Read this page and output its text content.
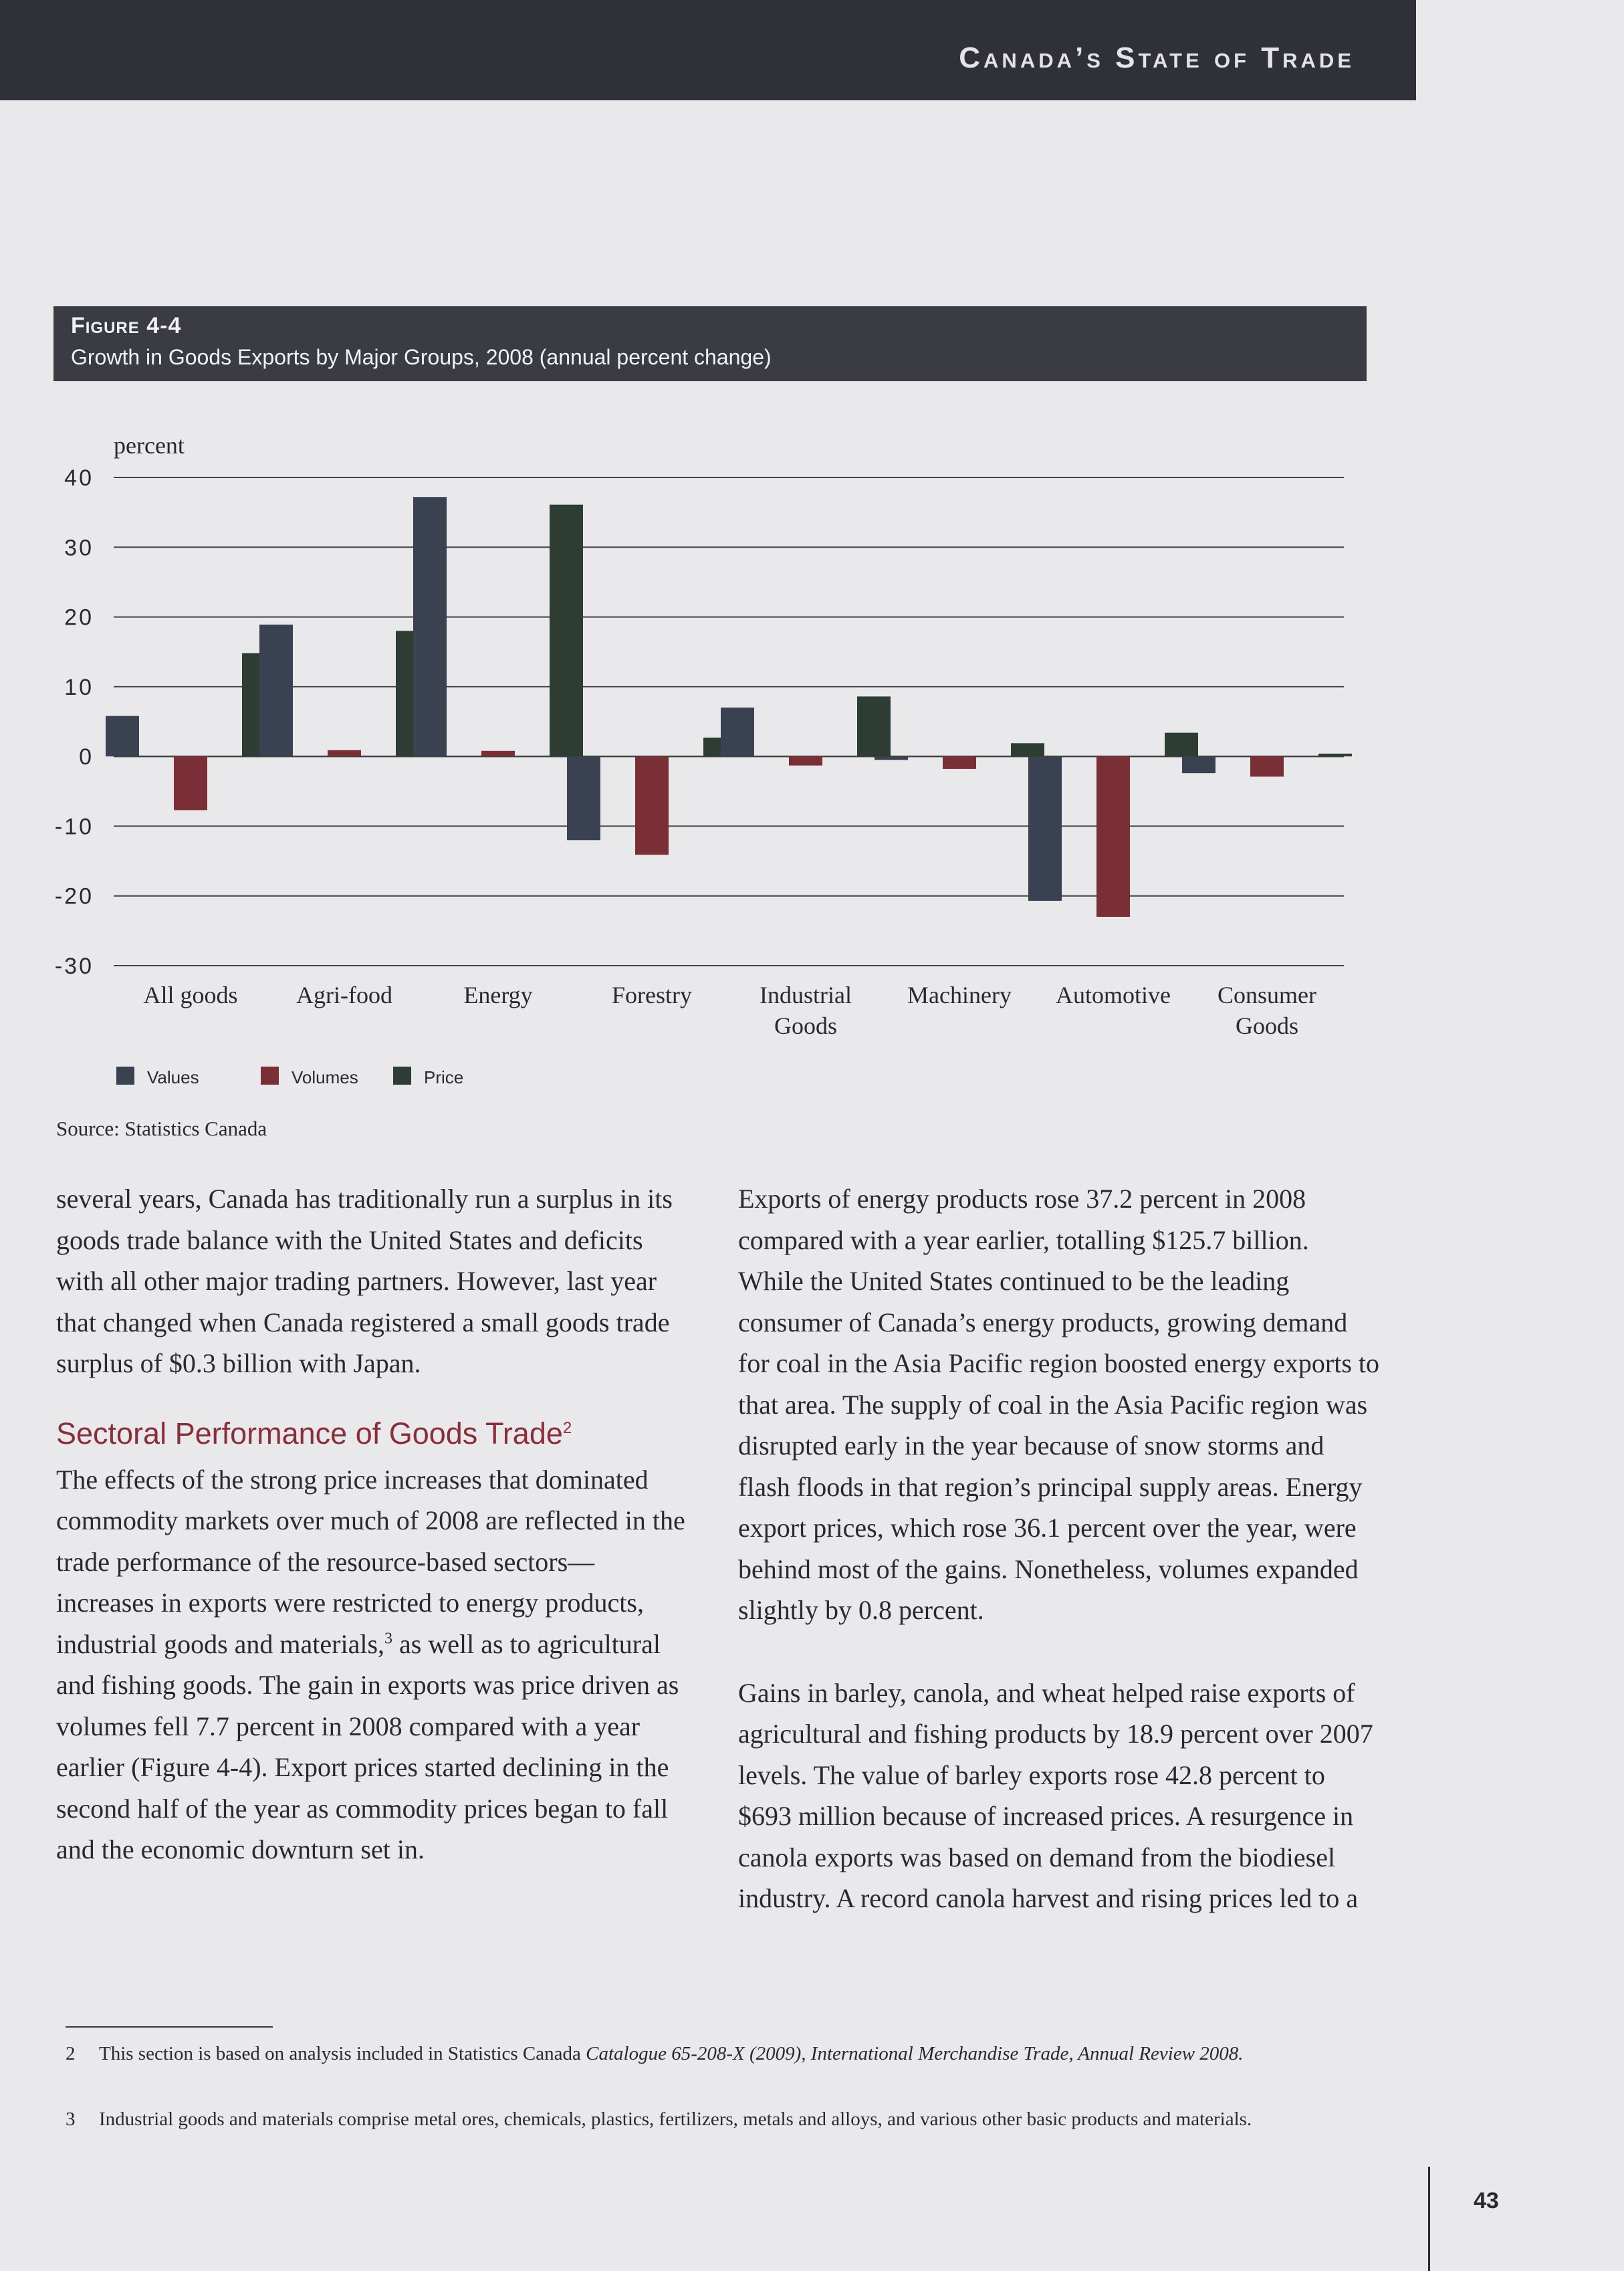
Canada’s State of Trade
Figure 4-4
Growth in Goods Exports by Major Groups, 2008 (annual percent change)
40
30
20
10
0
-10
-20
-30
percent
All goods Agri-food	Energy	Forestry	Industrial Goods
Machinery Automotive Consumer Goods
Values	Volumes	Price
Source: Statistics Canada

several years, Canada has traditionally run a surplus in its goods trade balance with the United States and deficits with all other major trading partners. However, last year that changed when Canada registered a small goods trade surplus of $0.3 billion with Japan.

Sectoral Performance of Goods Trade$^2$

The effects of the strong price increases that dominated commodity markets over much of 2008 are reflected in the trade performance of the resource-based sectors—increases in exports were restricted to energy products, industrial goods and materials,$^3$ as well as to agricultural and fishing goods. The gain in exports was price driven as volumes fell 7.7 percent in 2008 compared with a year earlier (Figure 4-4). Export prices started declining in the second half of the year as commodity prices began to fall and the economic downturn set in.

Exports of energy products rose 37.2 percent in 2008 compared with a year earlier, totalling $125.7 billion. While the United States continued to be the leading consumer of Canada’s energy products, growing demand for coal in the Asia Pacific region boosted energy exports to that area. The supply of coal in the Asia Pacific region was disrupted early in the year because of snow storms and flash floods in that region’s principal supply areas. Energy export prices, which rose 36.1 percent over the year, were behind most of the gains. Nonetheless, volumes expanded slightly by 0.8 percent.

Gains in barley, canola, and wheat helped raise exports of agricultural and fishing products by 18.9 percent over 2007 levels. The value of barley exports rose 42.8 percent to $693 million because of increased prices. A resurgence in canola exports was based on demand from the biodiesel industry. A record canola harvest and rising prices led to a

2 This section is based on analysis included in Statistics Canada Catalogue 65-208-X (2009), International Merchandise Trade, Annual Review 2008.
3 Industrial goods and materials comprise metal ores, chemicals, plastics, fertilizers, metals and alloys, and various other basic products and materials.
43
